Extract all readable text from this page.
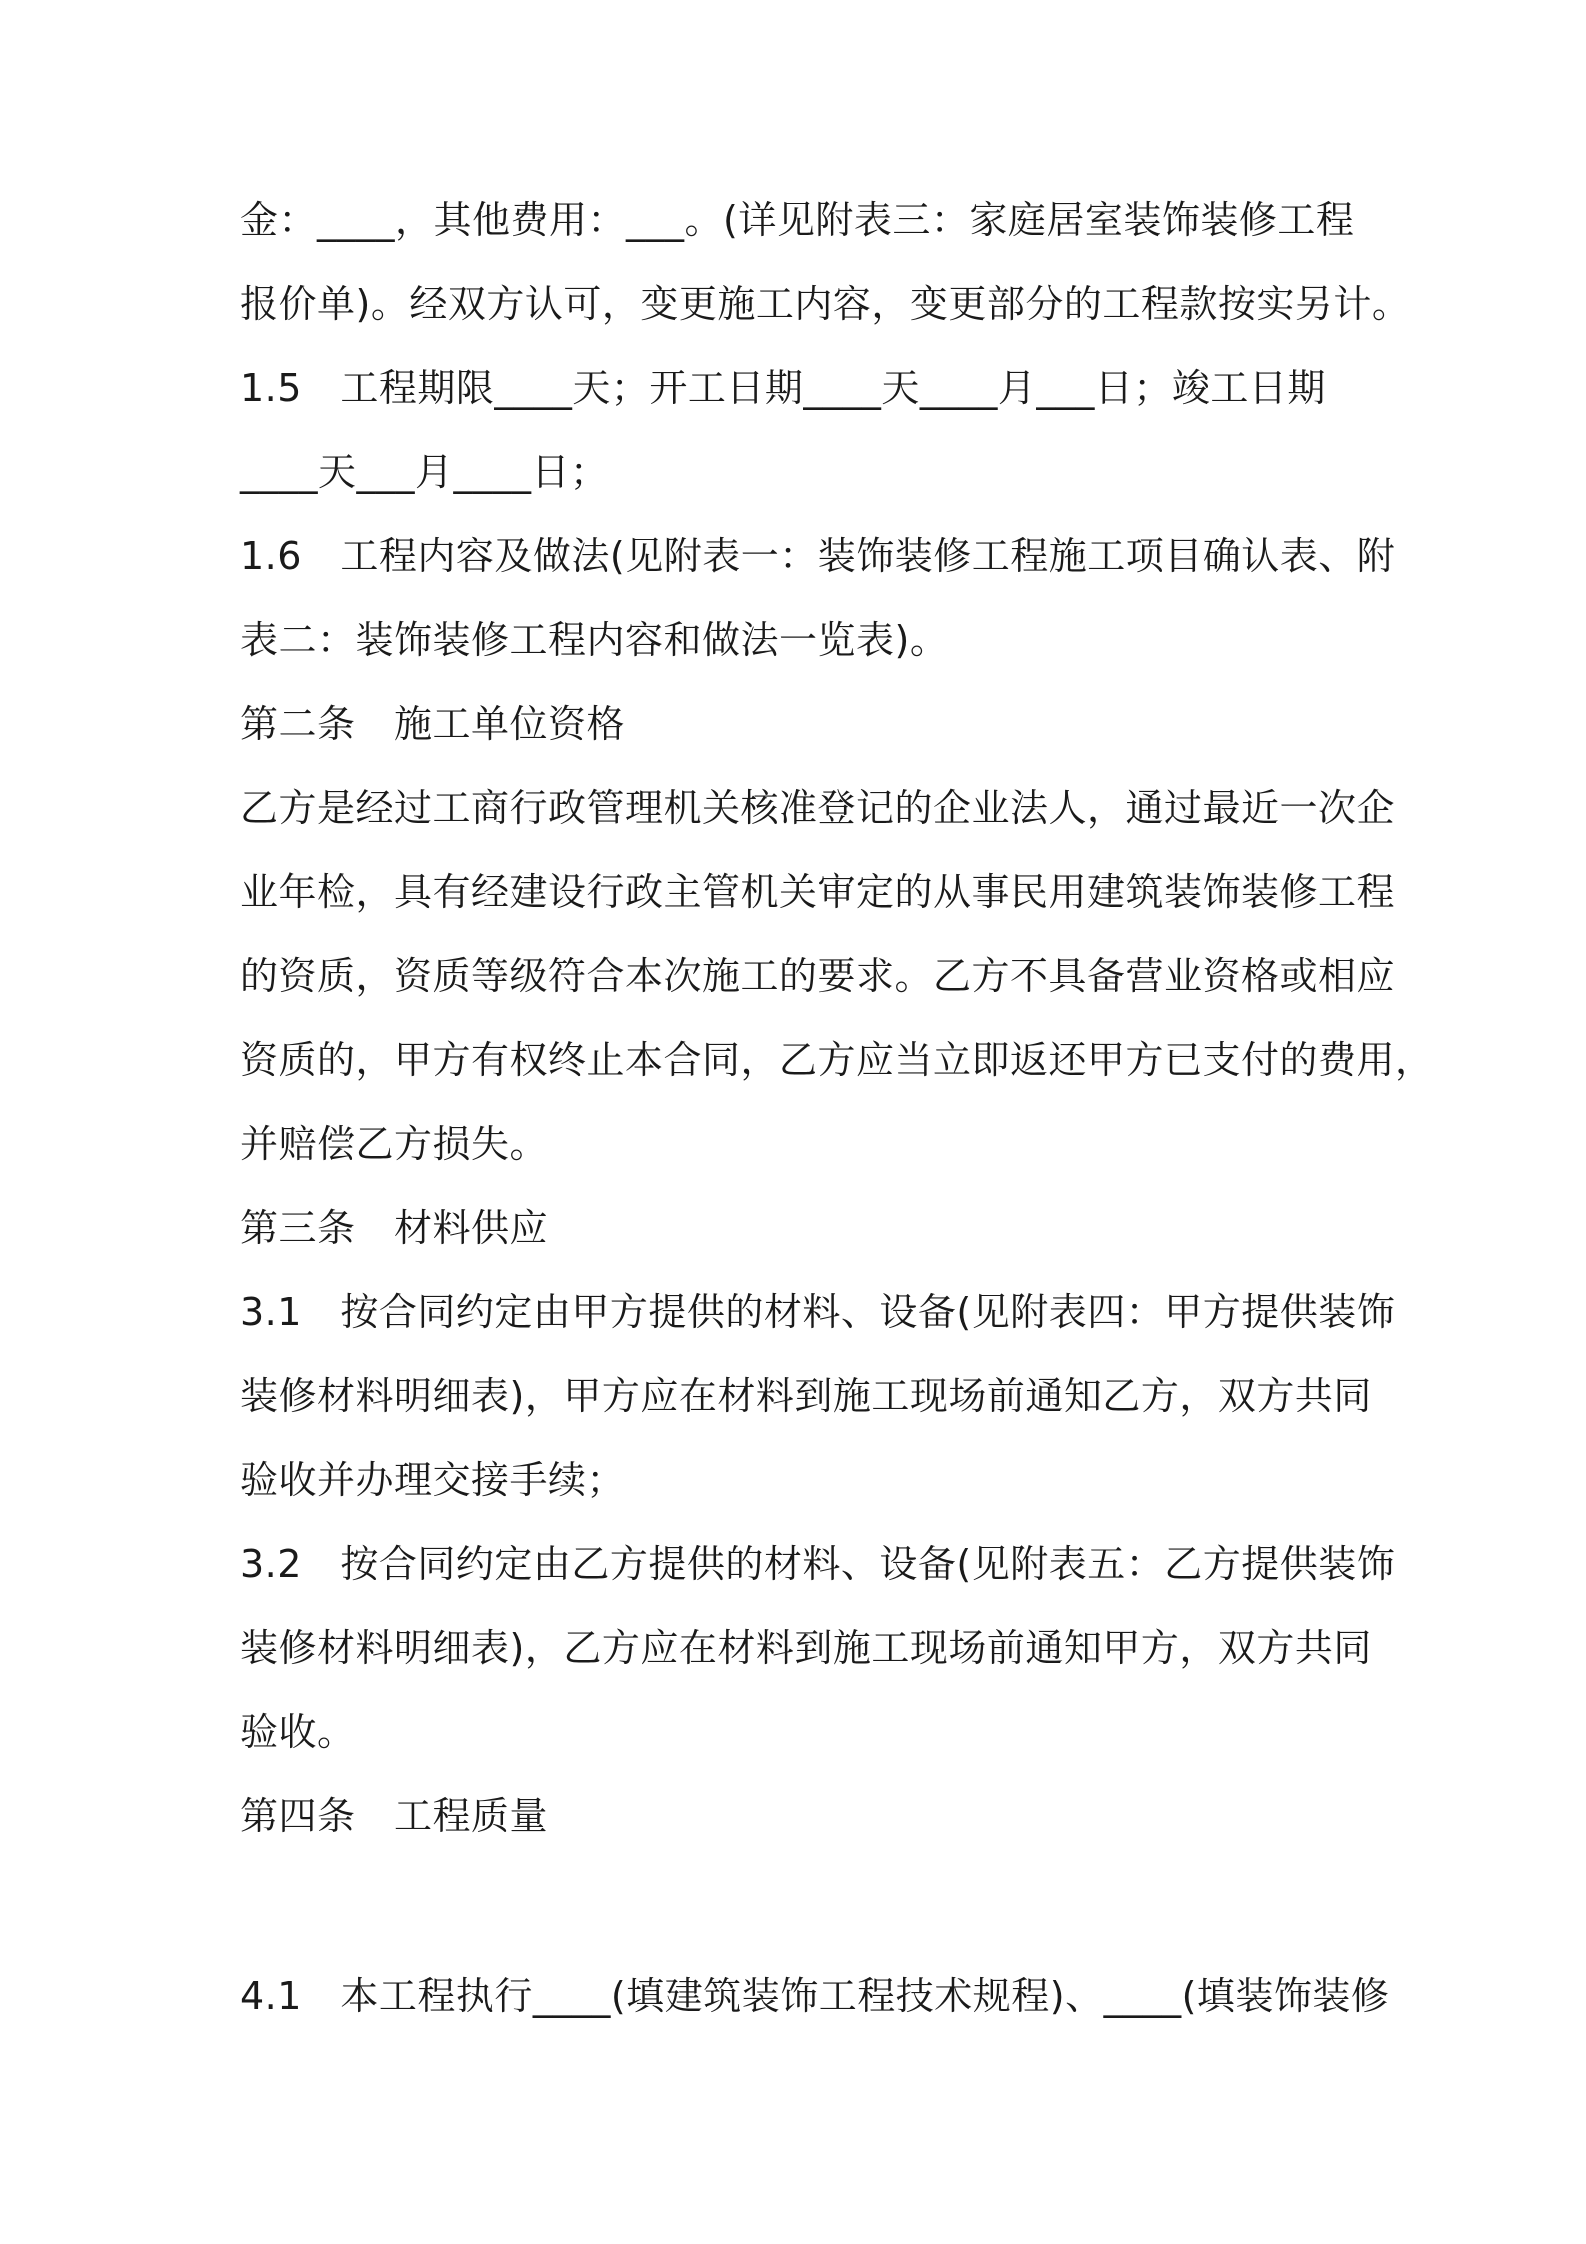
金：____，其他费用：___。(详见附表三：家庭居室装饰装修工程
报价单)。经双方认可，变更施工内容，变更部分的工程款按实另计。
1.5　工程期限____天；开工日期____天____月___日；竣工日期
____天___月____日；
1.6　工程内容及做法(见附表一：装饰装修工程施工项目确认表、附
表二：装饰装修工程内容和做法一览表)。
第二条　施工单位资格
乙方是经过工商行政管理机关核准登记的企业法人，通过最近一次企
业年检，具有经建设行政主管机关审定的从事民用建筑装饰装修工程
的资质，资质等级符合本次施工的要求。乙方不具备营业资格或相应
资质的，甲方有权终止本合同，乙方应当立即返还甲方已支付的费用，
并赔偿乙方损失。
第三条　材料供应
3.1　按合同约定由甲方提供的材料、设备(见附表四：甲方提供装饰
装修材料明细表)，甲方应在材料到施工现场前通知乙方，双方共同
验收并办理交接手续；
3.2　按合同约定由乙方提供的材料、设备(见附表五：乙方提供装饰
装修材料明细表)，乙方应在材料到施工现场前通知甲方，双方共同
验收。
第四条　工程质量
4.1　本工程执行____(填建筑装饰工程技术规程)、____(填装饰装修
